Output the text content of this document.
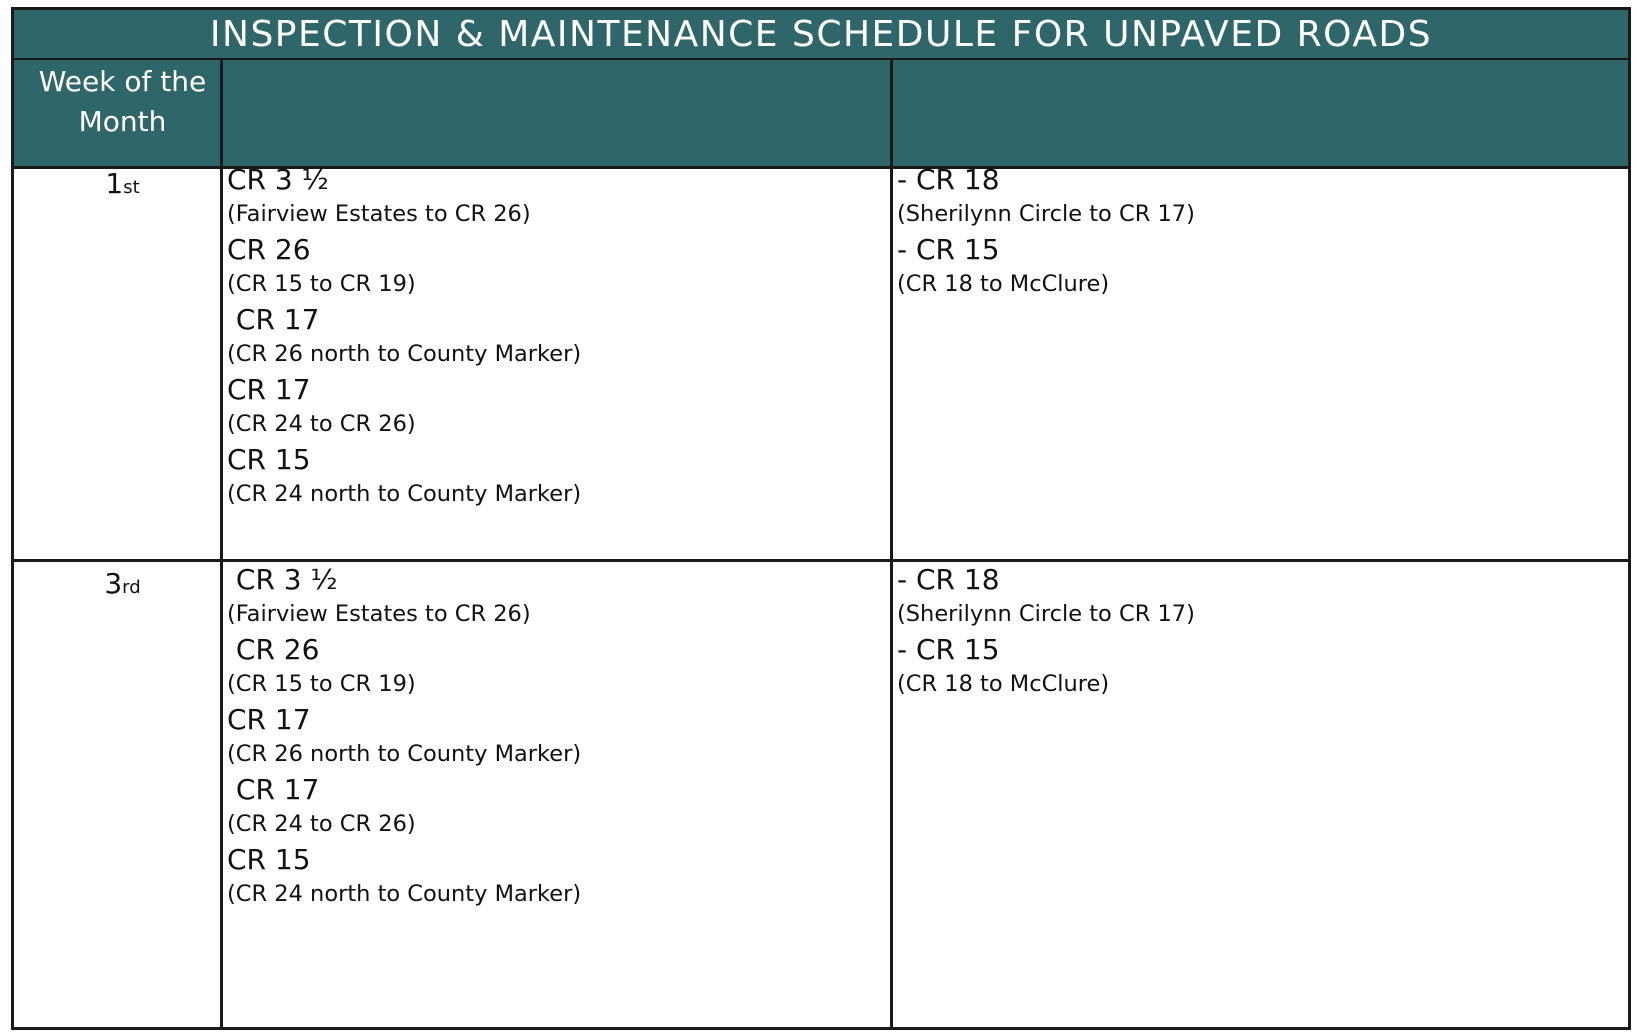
INSPECTION & MAINTENANCE SCHEDULE FOR UNPAVED ROADS
Week of the
Month
1st	CR 3 ½
(Fairview Estates to CR 26)
CR 26
(CR 15 to CR 19)
CR 17
(CR 26 north to County Marker)
CR 17
(CR 24 to CR 26)
CR 15
(CR 24 north to County Marker)
- CR 18
(Sherilynn Circle to CR 17)
- CR 15
(CR 18 to McClure)
3rd	CR 3 ½
(Fairview Estates to CR 26)
CR 26
(CR 15 to CR 19)
CR 17
(CR 26 north to County Marker)
CR 17
(CR 24 to CR 26)
CR 15
(CR 24 north to County Marker)
- CR 18
(Sherilynn Circle to CR 17)
- CR 15
(CR 18 to McClure)
